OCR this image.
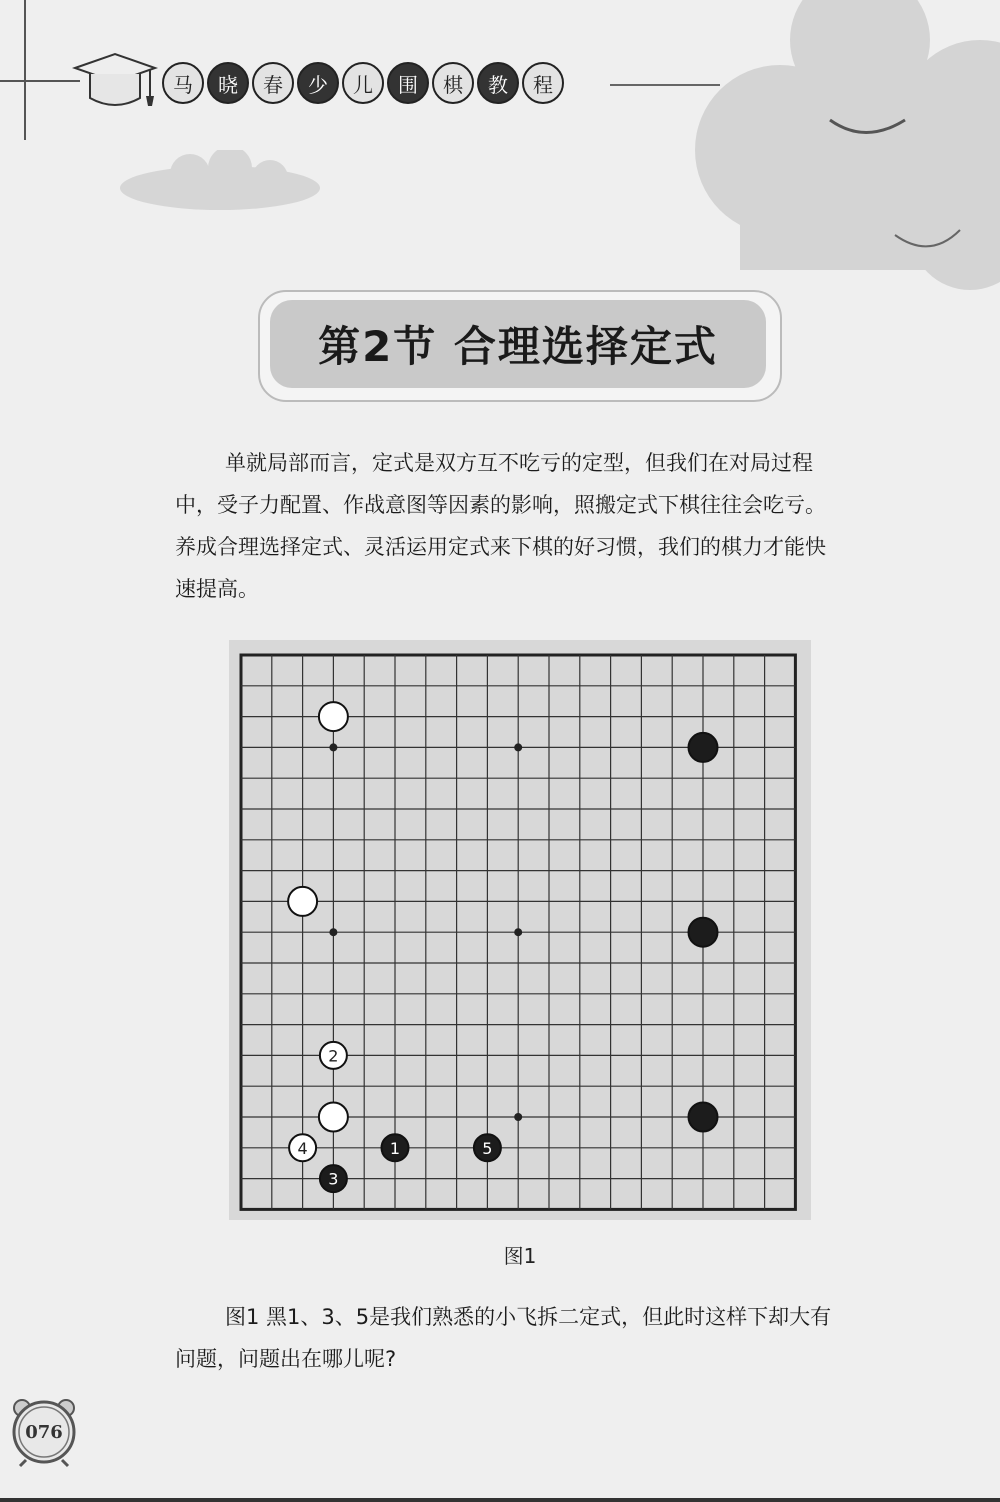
马	晓	春	少	儿	围	棋	教	程
第2节 合理选择定式
单就局部而言，定式是双方互不吃亏的定型，但我们在对局过程中，受子力配置、作战意图等因素的影响，照搬定式下棋往往会吃亏。养成合理选择定式、灵活运用定式来下棋的好习惯，我们的棋力才能快速提高。
2
4
3
1	5
图1
图1 黑1、3、5是我们熟悉的小飞拆二定式，但此时这样下却大有问题，问题出在哪儿呢?
076
